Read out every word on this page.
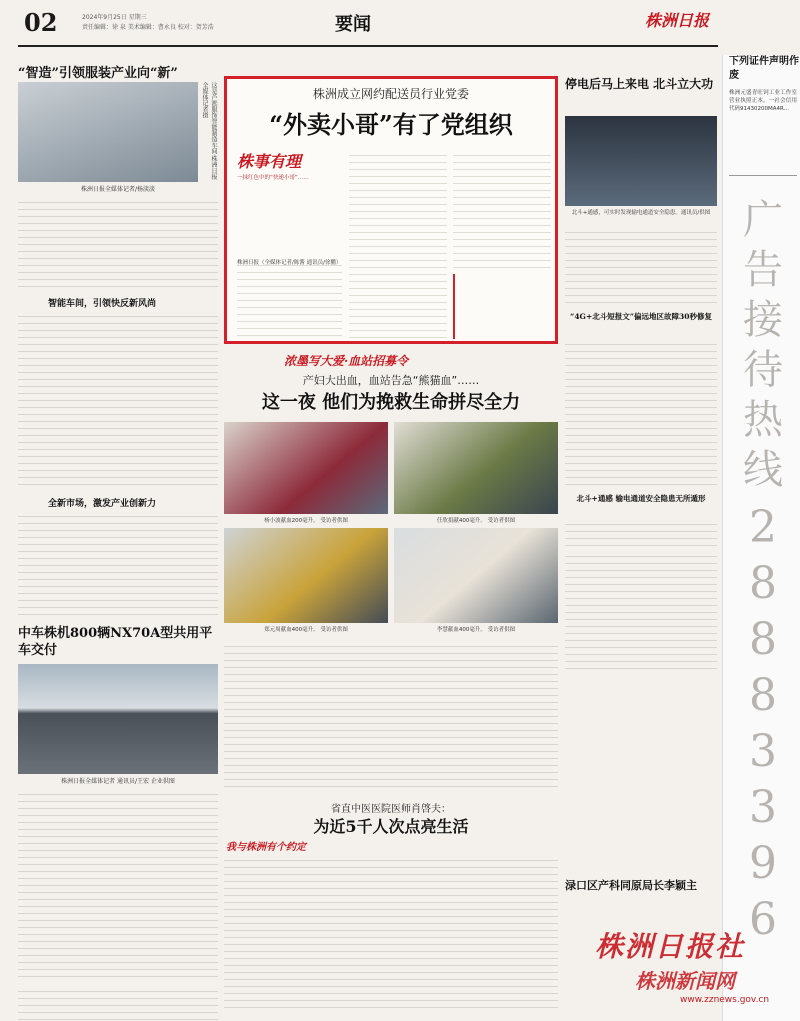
02	2024年9月25日 星期三
责任编辑：徐 泉 美术编辑：曹永良 校对：贺芳浩	要闻	株洲日报
下列证件声明作废
株洲元盛青旺饲工业工作室营业执照正本。一社会信用代码91430200MA4R...
广告接待热线
28883396
“智造”引领服装产业向“新”
这是芦淞服饰智能制造车间·株洲日报全媒体记者摄
株洲日报全媒体记者/杨淡淡
智能车间，引领快反新风尚
全新市场，激发产业创新力
中车株机800辆NX70A型共用平车交付
株洲日报全媒体记者 通讯员/王宏 企业供图
株洲成立网约配送员行业党委
“外卖小哥”有了党组织
株事有理
一抹红色中的“快递小哥”……
株洲日报（全媒体记者/陈酱 通讯员/徐鹏）
停电后马上来电 北斗立大功
北斗+通感，可实时发现输电通道安全隐患。通讯员/供图
“4G+北斗短报文”偏远地区故障30秒修复
北斗+通感 输电通道安全隐患无所遁形
浓墨写大爱·血站招募令
产妇大出血，血站告急“熊猫血”……
这一夜 他们为挽救生命拼尽全力
杨小波献血200毫升。 受访者供图	任欣捐献400毫升。 受访者供图
郑元周献血400毫升。 受访者供图	李慧献血400毫升。 受访者供图
省直中医医院医师肖啓夫：
为近5千人次点亮生活
我与株洲有个约定
渌口区产科同原局长李颖主
株洲日报社
株洲新闻网
www.zznews.gov.cn
